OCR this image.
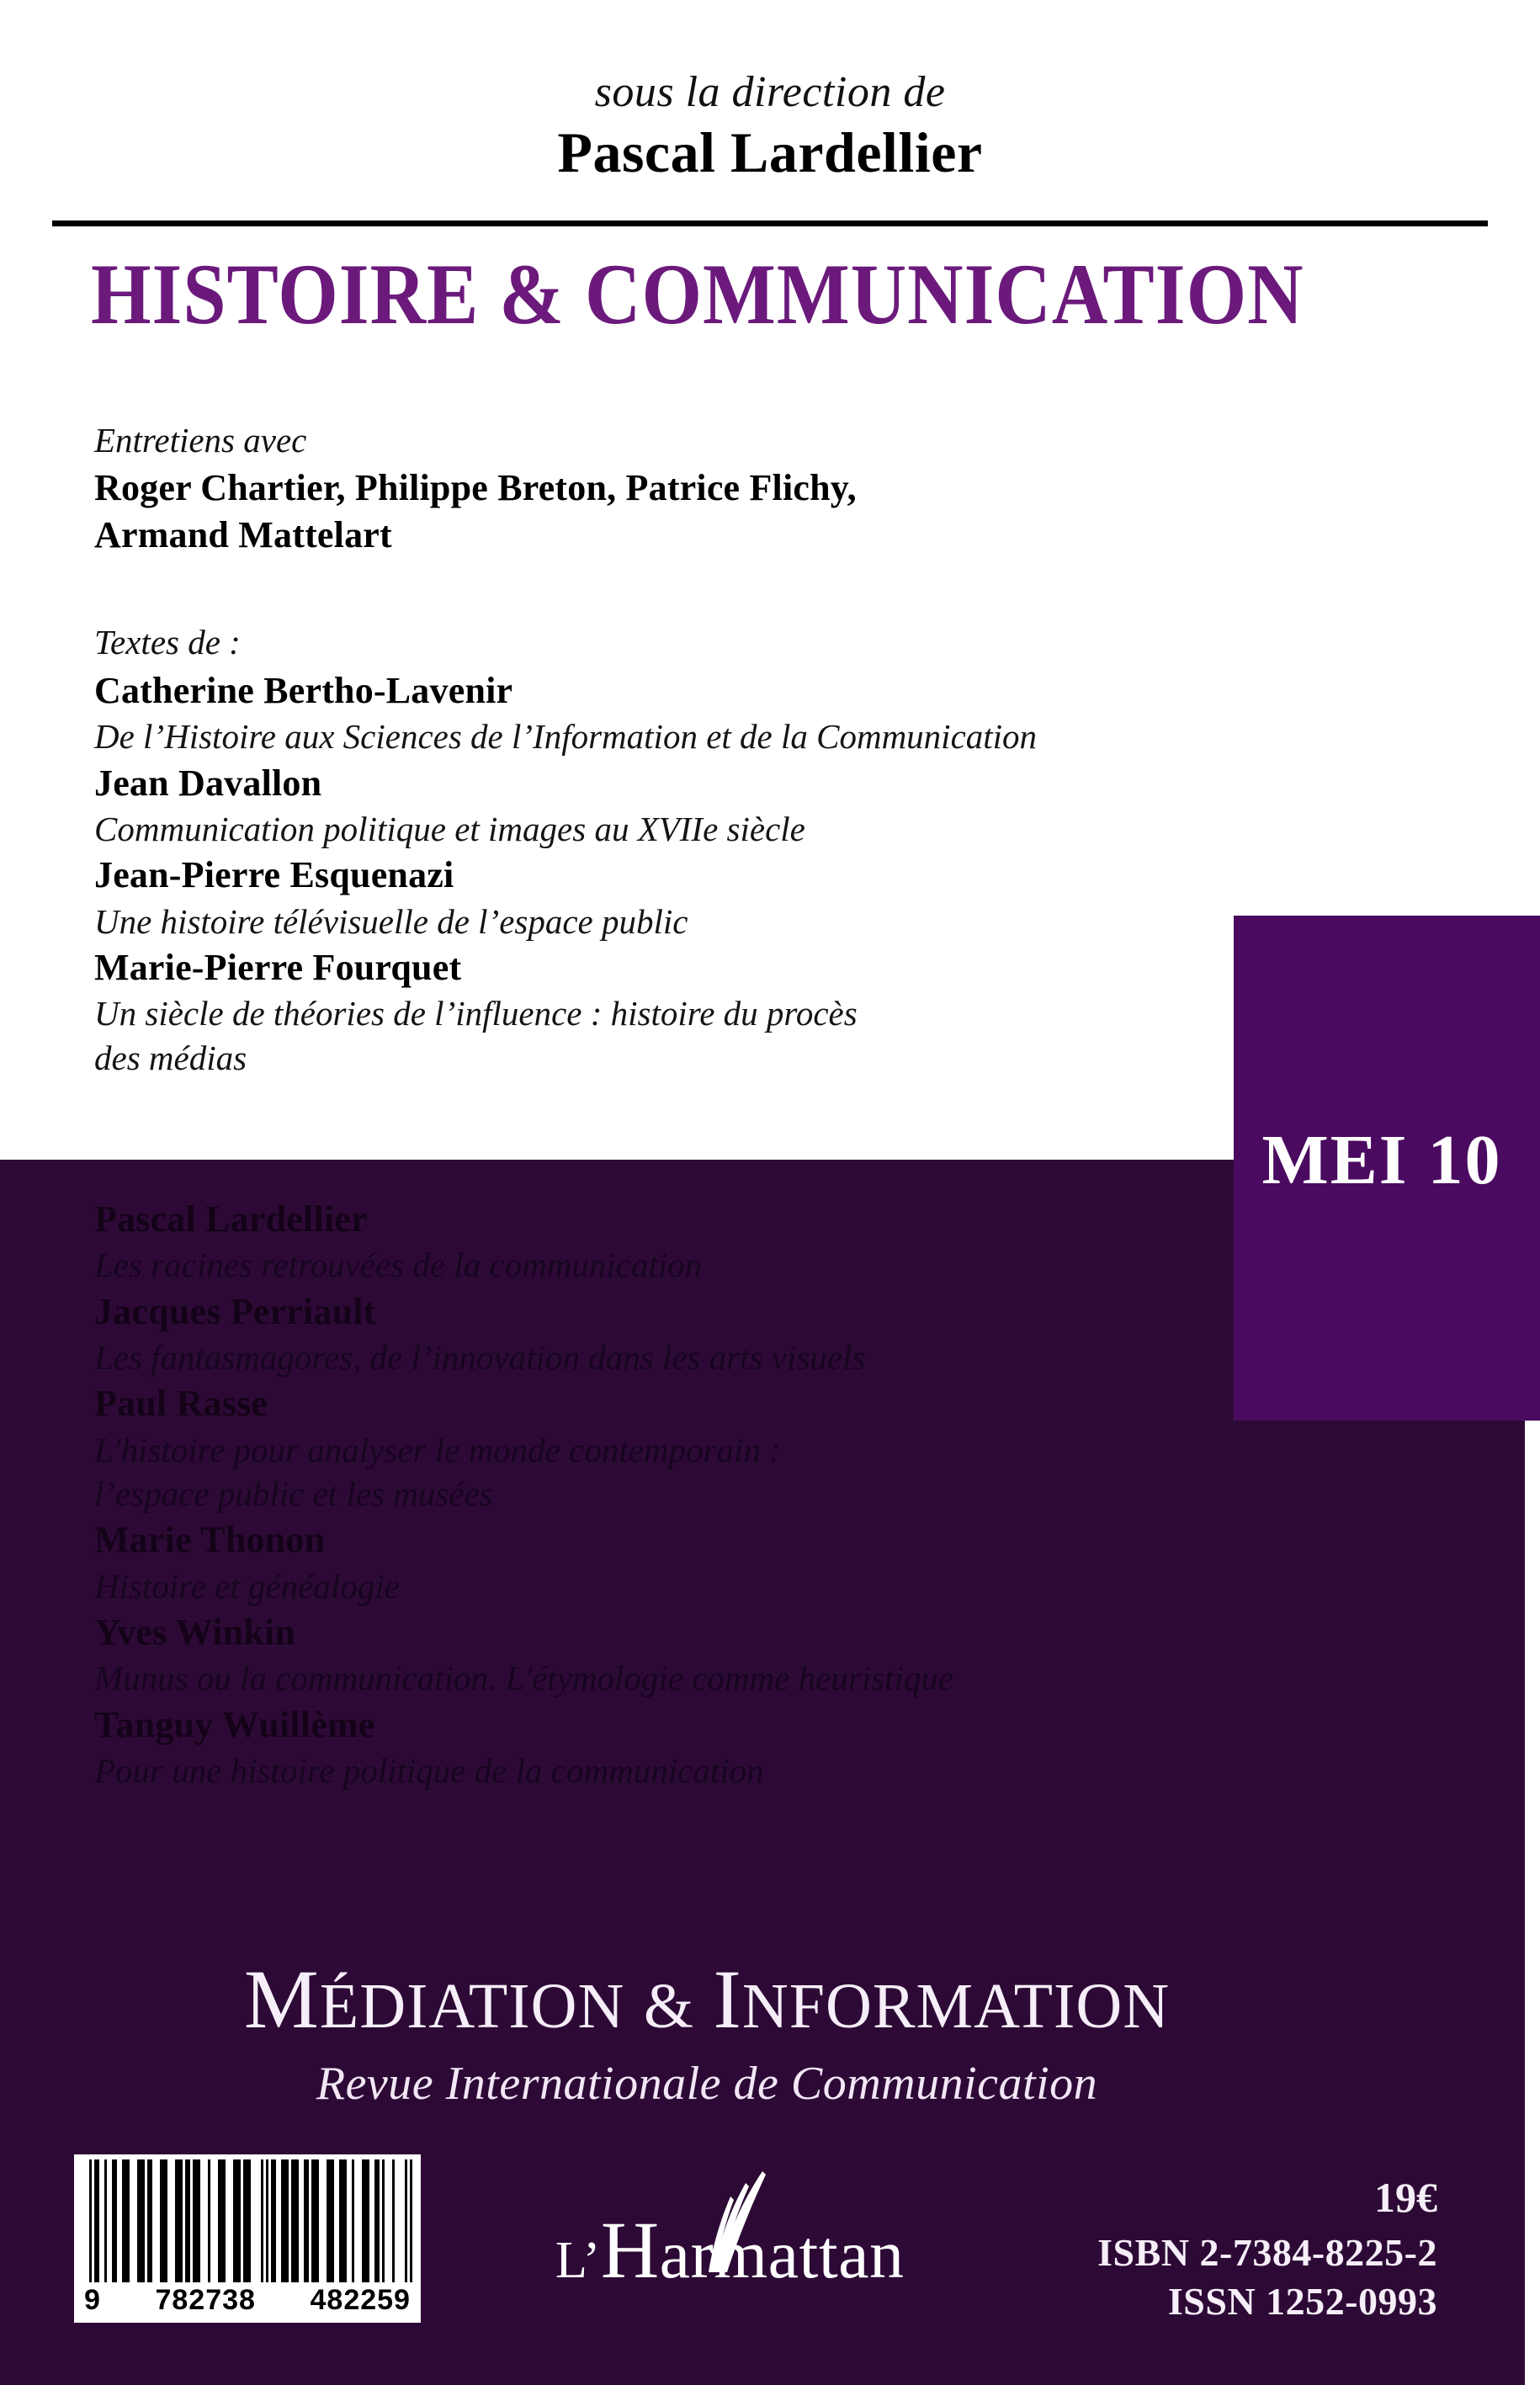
sous la direction de
Pascal Lardellier
HISTOIRE & COMMUNICATION
MEI 10
Entretiens avec
Roger Chartier, Philippe Breton, Patrice Flichy,
Armand Mattelart
Textes de :
Catherine Bertho-Lavenir
De l’Histoire aux Sciences de l’Information et de la Communication
Jean Davallon
Communication politique et images au XVIIe siècle
Jean-Pierre Esquenazi
Une histoire télévisuelle de l’espace public
Marie-Pierre Fourquet
Un siècle de théories de l’influence : histoire du procès
des médias
Pascal Lardellier
Les racines retrouvées de la communication
Jacques Perriault
Les fantasmagores, de l’innovation dans les arts visuels
Paul Rasse
L'histoire pour analyser le monde contemporain :
l’espace public et les musées
Marie Thonon
Histoire et généalogie
Yves Winkin
Munus ou la communication. L'étymologie comme heuristique
Tanguy Wuillème
Pour une histoire politique de la communication
MÉDIATION & INFORMATION
Revue Internationale de Communication
9 782738 482259
L’Harmattan
19€
ISBN 2-7384-8225-2
ISSN 1252-0993
